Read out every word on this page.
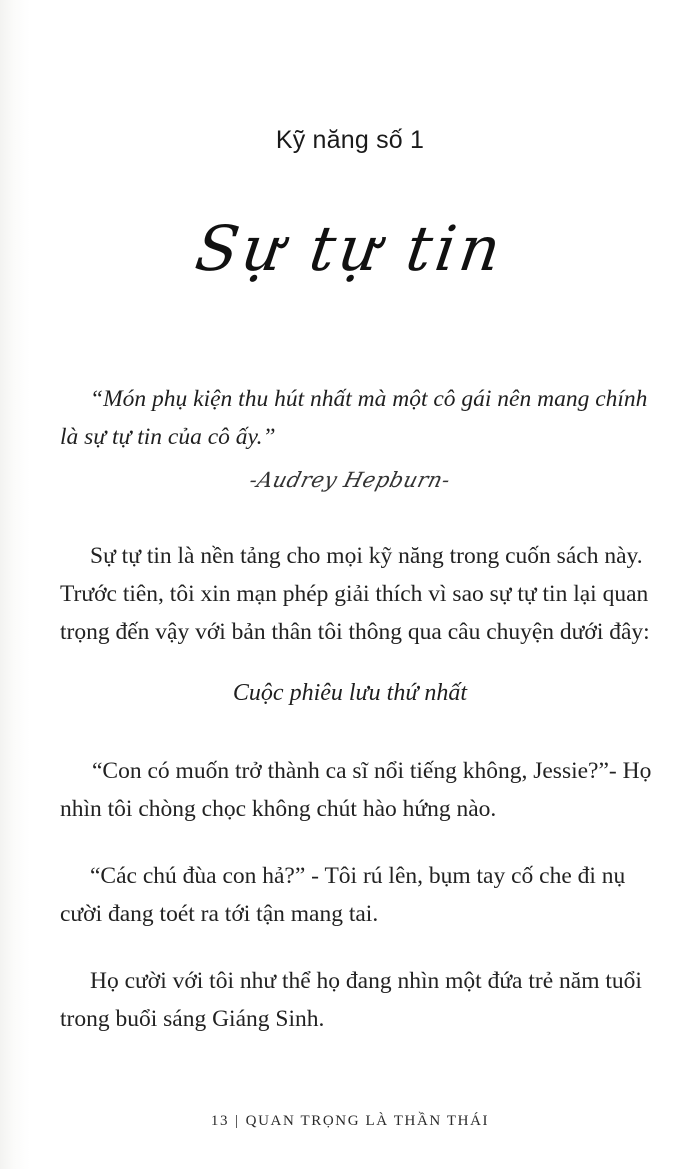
Kỹ năng số 1
Sự tự tin

“Món phụ kiện thu hút nhất mà một cô gái nên mang chính

là sự tự tin của cô ấy.”

-Audrey Hepburn-

Sự tự tin là nền tảng cho mọi kỹ năng trong cuốn sách này.

Trước tiên, tôi xin mạn phép giải thích vì sao sự tự tin lại quan

trọng đến vậy với bản thân tôi thông qua câu chuyện dưới đây:

Cuộc phiêu lưu thứ nhất

“Con có muốn trở thành ca sĩ nổi tiếng không, Jessie?”- Họ

nhìn tôi chòng chọc không chút hào hứng nào.

“Các chú đùa con hả?” - Tôi rú lên, bụm tay cố che đi nụ

cười đang toét ra tới tận mang tai.

Họ cười với tôi như thể họ đang nhìn một đứa trẻ năm tuổi

trong buổi sáng Giáng Sinh.

13 | QUAN TRỌNG LÀ THẦN THÁI
